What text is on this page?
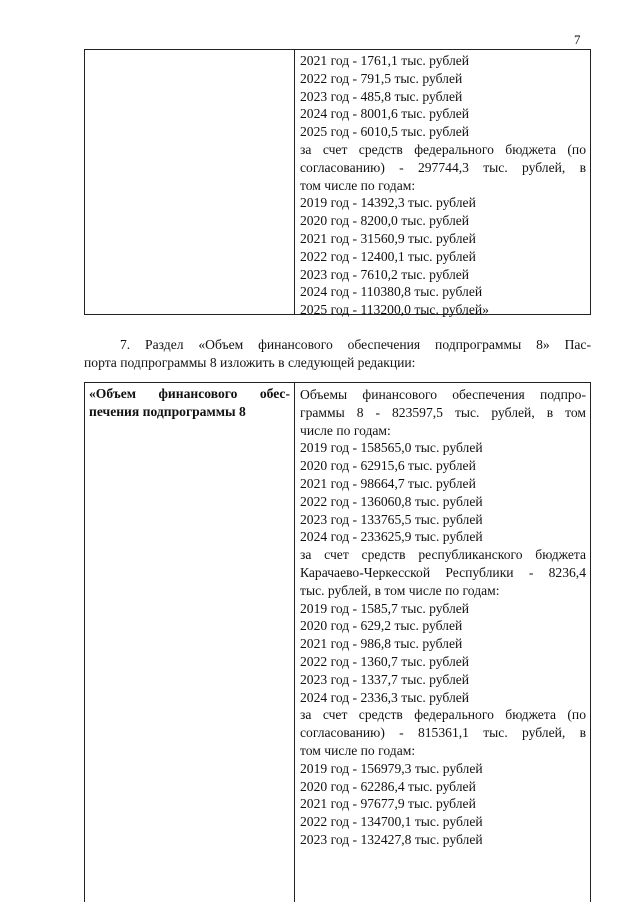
7
2021 год - 1761,1 тыс. рублей
2022 год - 791,5 тыс. рублей
2023 год - 485,8 тыс. рублей
2024 год - 8001,6 тыс. рублей
2025 год - 6010,5 тыс. рублей
за счет средств федерального бюджета (по
согласованию) - 297744,3 тыс. рублей, в
том числе по годам:
2019 год - 14392,3 тыс. рублей
2020 год - 8200,0 тыс. рублей
2021 год - 31560,9 тыс. рублей
2022 год - 12400,1 тыс. рублей
2023 год - 7610,2 тыс. рублей
2024 год - 110380,8 тыс. рублей
2025 год - 113200,0 тыс. рублей»
7. Раздел «Объем финансового обеспечения подпрограммы 8» Пас-
порта подпрограммы 8 изложить в следующей редакции:
«Объем финансового обес-
печения подпрограммы 8
Объемы финансового обеспечения подпро-
граммы 8 - 823597,5 тыс. рублей, в том
числе по годам:
2019 год - 158565,0 тыс. рублей
2020 год - 62915,6 тыс. рублей
2021 год - 98664,7 тыс. рублей
2022 год - 136060,8 тыс. рублей
2023 год - 133765,5 тыс. рублей
2024 год - 233625,9 тыс. рублей
за счет средств республиканского бюджета
Карачаево-Черкесской Республики - 8236,4
тыс. рублей, в том числе по годам:
2019 год - 1585,7 тыс. рублей
2020 год - 629,2 тыс. рублей
2021 год - 986,8 тыс. рублей
2022 год - 1360,7 тыс. рублей
2023 год - 1337,7 тыс. рублей
2024 год - 2336,3 тыс. рублей
за счет средств федерального бюджета (по
согласованию) - 815361,1 тыс. рублей, в
том числе по годам:
2019 год - 156979,3 тыс. рублей
2020 год - 62286,4 тыс. рублей
2021 год - 97677,9 тыс. рублей
2022 год - 134700,1 тыс. рублей
2023 год - 132427,8 тыс. рублей
